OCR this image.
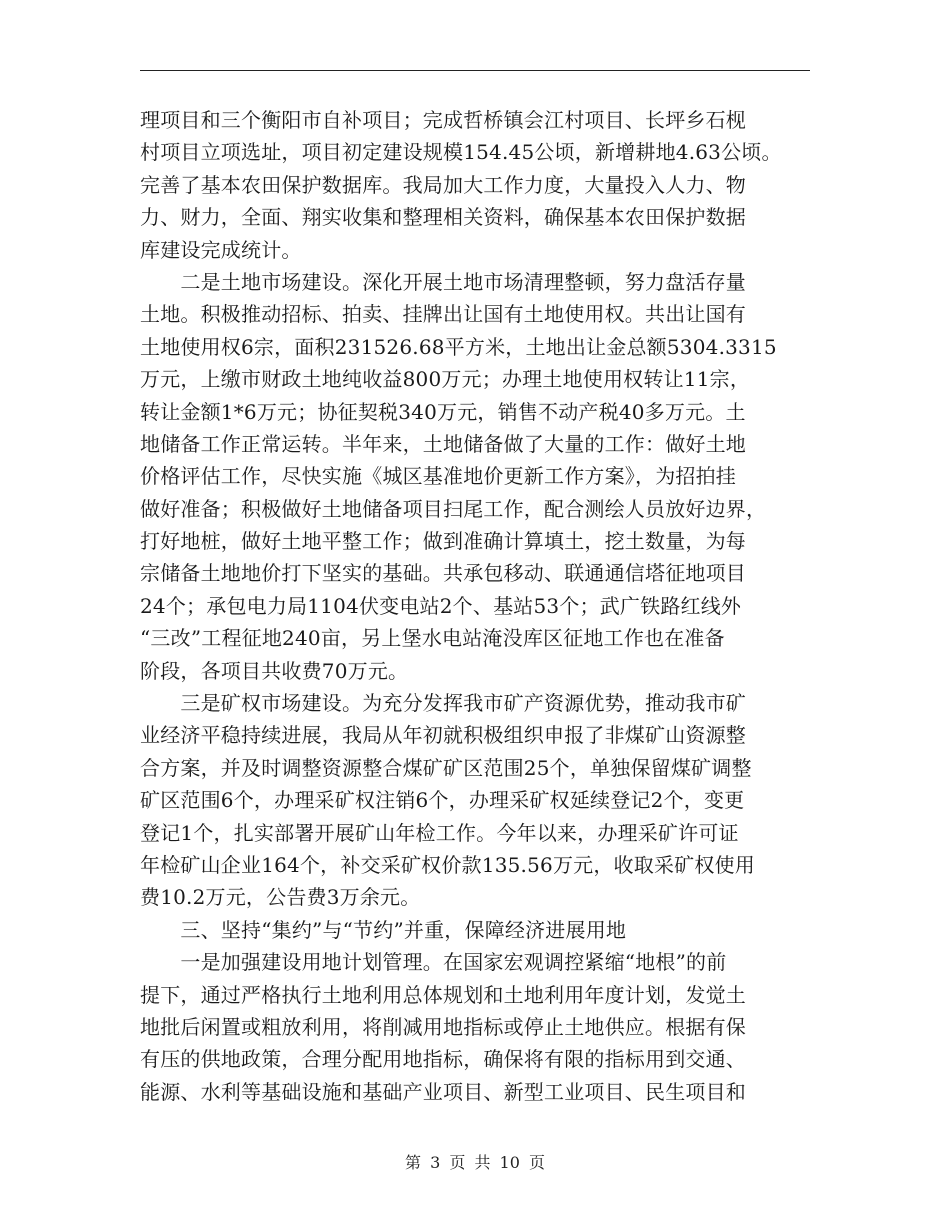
理项目和三个衡阳市自补项目；完成哲桥镇会江村项目、长坪乡石枧
村项目立项选址，项目初定建设规模154.45公顷，新增耕地4.63公顷。
完善了基本农田保护数据库。我局加大工作力度，大量投入人力、物
力、财力，全面、翔实收集和整理相关资料，确保基本农田保护数据
库建设完成统计。
　　二是土地市场建设。深化开展土地市场清理整顿，努力盘活存量
土地。积极推动招标、拍卖、挂牌出让国有土地使用权。共出让国有
土地使用权6宗，面积231526.68平方米，土地出让金总额5304.3315
万元，上缴市财政土地纯收益800万元；办理土地使用权转让11宗，
转让金额1*6万元；协征契税340万元，销售不动产税40多万元。土
地储备工作正常运转。半年来，土地储备做了大量的工作：做好土地
价格评估工作，尽快实施《城区基准地价更新工作方案》，为招拍挂
做好准备；积极做好土地储备项目扫尾工作，配合测绘人员放好边界，
打好地桩，做好土地平整工作；做到准确计算填土，挖土数量，为每
宗储备土地地价打下坚实的基础。共承包移动、联通通信塔征地项目
24个；承包电力局1104伏变电站2个、基站53个；武广铁路红线外
“三改”工程征地240亩，另上堡水电站淹没库区征地工作也在准备
阶段，各项目共收费70万元。
　　三是矿权市场建设。为充分发挥我市矿产资源优势，推动我市矿
业经济平稳持续进展，我局从年初就积极组织申报了非煤矿山资源整
合方案，并及时调整资源整合煤矿矿区范围25个，单独保留煤矿调整
矿区范围6个，办理采矿权注销6个，办理采矿权延续登记2个，变更
登记1个，扎实部署开展矿山年检工作。今年以来，办理采矿许可证
年检矿山企业164个，补交采矿权价款135.56万元，收取采矿权使用
费10.2万元，公告费3万余元。
　　三、坚持“集约”与“节约”并重，保障经济进展用地
　　一是加强建设用地计划管理。在国家宏观调控紧缩“地根”的前
提下，通过严格执行土地利用总体规划和土地利用年度计划，发觉土
地批后闲置或粗放利用，将削减用地指标或停止土地供应。根据有保
有压的供地政策，合理分配用地指标，确保将有限的指标用到交通、
能源、水利等基础设施和基础产业项目、新型工业项目、民生项目和
第 3 页 共 10 页
